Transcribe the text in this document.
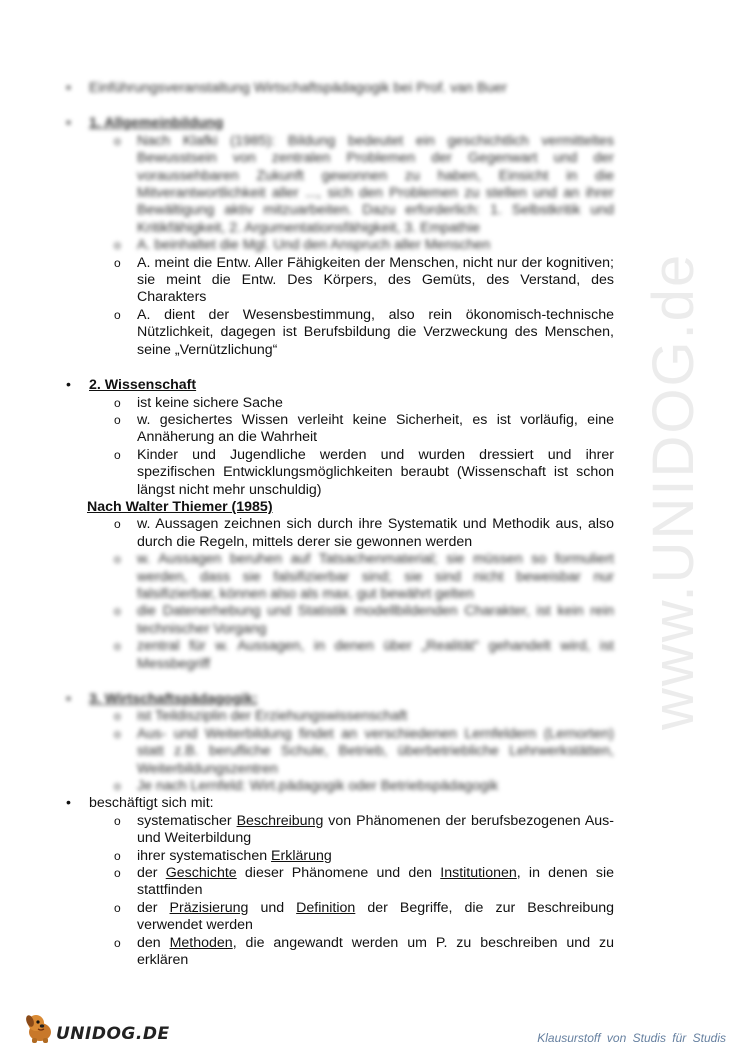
www.UNIDOG.de
• Einführungsveranstaltung Wirtschaftspädagogik bei Prof. van Buer
• 1. Allgemeinbildung
o Nach Klafki (1985): Bildung bedeutet ein geschichtlich vermitteltes Bewusstsein von zentralen Problemen der Gegenwart und der voraussehbaren Zukunft gewonnen zu haben, Einsicht in die Mitverantwortlichkeit aller ..., sich den Problemen zu stellen und an ihrer Bewältigung aktiv mitzuarbeiten. Dazu erforderlich: 1. Selbstkritik und Kritikfähigkeit, 2. Argumentationsfähigkeit, 3. Empathie
o A. beinhaltet die Mgl. Und den Anspruch aller Menschen
o A. meint die Entw. Aller Fähigkeiten der Menschen, nicht nur der kognitiven; sie meint die Entw. Des Körpers, des Gemüts, des Verstand, des Charakters
o A. dient der Wesensbestimmung, also rein ökonomisch-technische Nützlichkeit, dagegen ist Berufsbildung die Verzweckung des Menschen, seine „Vernützlichung“
• 2. Wissenschaft
o ist keine sichere Sache
o w. gesichertes Wissen verleiht keine Sicherheit, es ist vorläufig, eine Annäherung an die Wahrheit
o Kinder und Jugendliche werden und wurden dressiert und ihrer spezifischen Entwicklungsmöglichkeiten beraubt (Wissenschaft ist schon längst nicht mehr unschuldig)
Nach Walter Thiemer (1985)
o w. Aussagen zeichnen sich durch ihre Systematik und Methodik aus, also durch die Regeln, mittels derer sie gewonnen werden
o w. Aussagen beruhen auf Tatsachenmaterial; sie müssen so formuliert werden, dass sie falsifizierbar sind; sie sind nicht beweisbar nur falsifizierbar, können also als max. gut bewährt gelten
o die Datenerhebung und Statistik modellbildenden Charakter, ist kein rein technischer Vorgang
o zentral für w. Aussagen, in denen über „Realität“ gehandelt wird, ist Messbegriff
• 3. Wirtschaftspädagogik:
o ist Teildisziplin der Erziehungswissenschaft
o Aus- und Weiterbildung findet an verschiedenen Lernfeldern (Lernorten) statt z.B. berufliche Schule, Betrieb, überbetriebliche Lehrwerkstätten, Weiterbildungszentren
o Je nach Lernfeld: Wirt.pädagogik oder Betriebspädagogik
• beschäftigt sich mit:
o systematischer Beschreibung von Phänomenen der berufsbezogenen Aus- und Weiterbildung
o ihrer systematischen Erklärung
o der Geschichte dieser Phänomene und den Institutionen, in denen sie stattfinden
o der Präzisierung und Definition der Begriffe, die zur Beschreibung verwendet werden
o den Methoden, die angewandt werden um P. zu beschreiben und zu erklären
UNIDOG.DE	Klausurstoff von Studis für Studis
